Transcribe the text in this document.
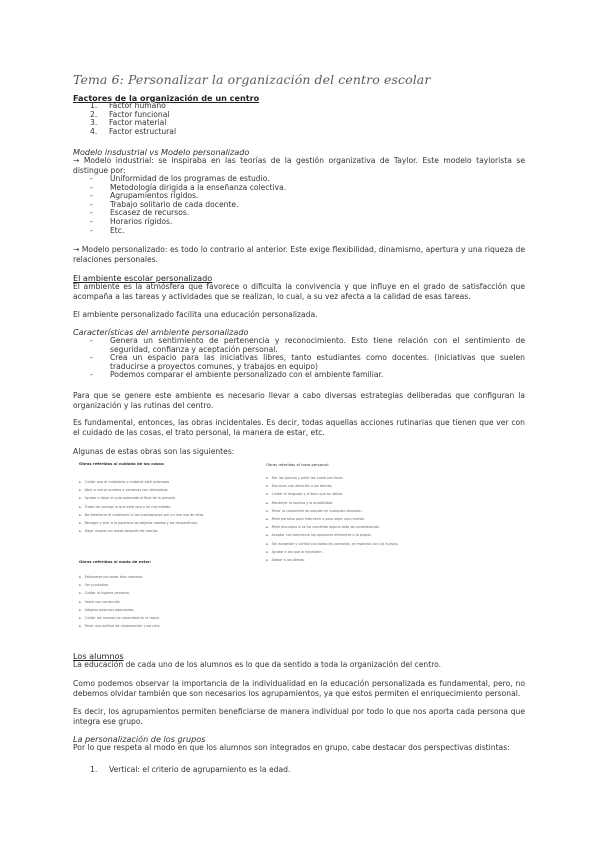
Tema 6: Personalizar la organización del centro escolar
Factores de la organización de un centro
1. Factor humano
2. Factor funcional
3. Factor material
4. Factor estructural
Modelo insdustrial vs Modelo personalizado
→ Modelo industrial: se inspiraba en las teorías de la gestión organizativa de Taylor. Este modelo taylorista se distingue por:
-	Uniformidad de los programas de estudio.
-	Metodología dirigida a la enseñanza colectiva.
-	Agrupamientos rígidos.
-	Trabajo solitario de cada docente.
-	Escasez de recursos.
-	Horarios rígidos.
-	Etc.
→ Modelo personalizado: es todo lo contrario al anterior. Este exige flexibilidad, dinamismo, apertura y una riqueza de relaciones personales.
El ambiente escolar personalizado
El ambiente es la atmósfera que favorece o dificulta la convivencia y que influye en el grado de satisfacción que acompaña a las tareas y actividades que se realizan, lo cual, a su vez afecta a la calidad de esas tareas.
El ambiente personalizado facilita una educación personalizada.
Características del ambiente personalizado
-	Genera un sentimiento de pertenencia y reconocimiento. Esto tiene relación con el sentimiento de seguridad, confianza y aceptación personal.
-	Crea un espacio para las iniciativas libres, tanto estudiantes como docentes. (iniciativas que suelen traducirse a proyectos comunes, y trabajos en equipo)
-	Podemos comparar el ambiente personalizado con el ambiente familiar.
Para que se genere este ambiente es necesario llevar a cabo diversas estrategias deliberadas que configuran la organización y las rutinas del centro.
Es fundamental, entonces, las obras incidentales. Es decir, todas aquellas acciones rutinarias que tienen que ver con el cuidado de las cosas, el trato personal, la manera de estar, etc.
Algunas de estas obras son las siguientes:
Obras referidas al cuidado de las cosas:
► Cuidar que el mobiliario y material esté ordenado
► Abrir o cerrar puertas o ventanas con delicadeza.
► Ayudar a dejar el aula ordenada al final de la jornada.
► Tratar de corregir lo que está roto o en mal estado.
► No deteriorar el mobiliario ni las instalaciones por un mal uso de ellas.
► Recoger y tirar a la papelera los objetos usados y los desperdicios.
► Dejar limpios los aseos después de usarlos.
Obras referidas al modo de estar:
► Esforzarse por estar bien sentado.
► Ser puntuales.
► Cuidar la higiene personal.
► Vestir con corrección.
► Adoptar posturas adecuadas.
► Cuidar las normas de urbanidad en la mesa.
► Tener una actitud de colaboración y servicio.
Obras referidas al trato personal:
► Dar las gracias y pedir las cosas por favor.
► Escuchar con atención a los demás.
► Cuidar el lenguaje y el tono que se utiliza.
► Mantener la sonrisa y la amabilidad.
► Tener la costumbre de saludar en cualquier situación.
► Pedir permiso para intervenir o para dejar una reunión.
► Pedir disculpas si se ha cometido alguna falta de consideración.
► Aceptar con tolerancia las opiniones diferentes a la propia.
► Ser acogedor y cordial con todas las personas, en especial con los nuevos.
► Ayudar a los que lo necesiten.
► Alabar a los demás.
Los alumnos
La educación de cada uno de los alumnos es lo que da sentido a toda la organización del centro.
Como podemos observar la importancia de la individualidad en la educación personalizada es fundamental, pero, no debemos olvidar también que son necesarios los agrupamientos, ya que estos permiten el enriquecimiento personal.
Es decir, los agrupamientos permiten beneficiarse de manera individual por todo lo que nos aporta cada persona que integra ese grupo.
La personalización de los grupos
Por lo que respeta al modo en que los alumnos son integrados en grupo, cabe destacar dos perspectivas distintas:
1. Vertical: el criterio de agrupamiento es la edad.
